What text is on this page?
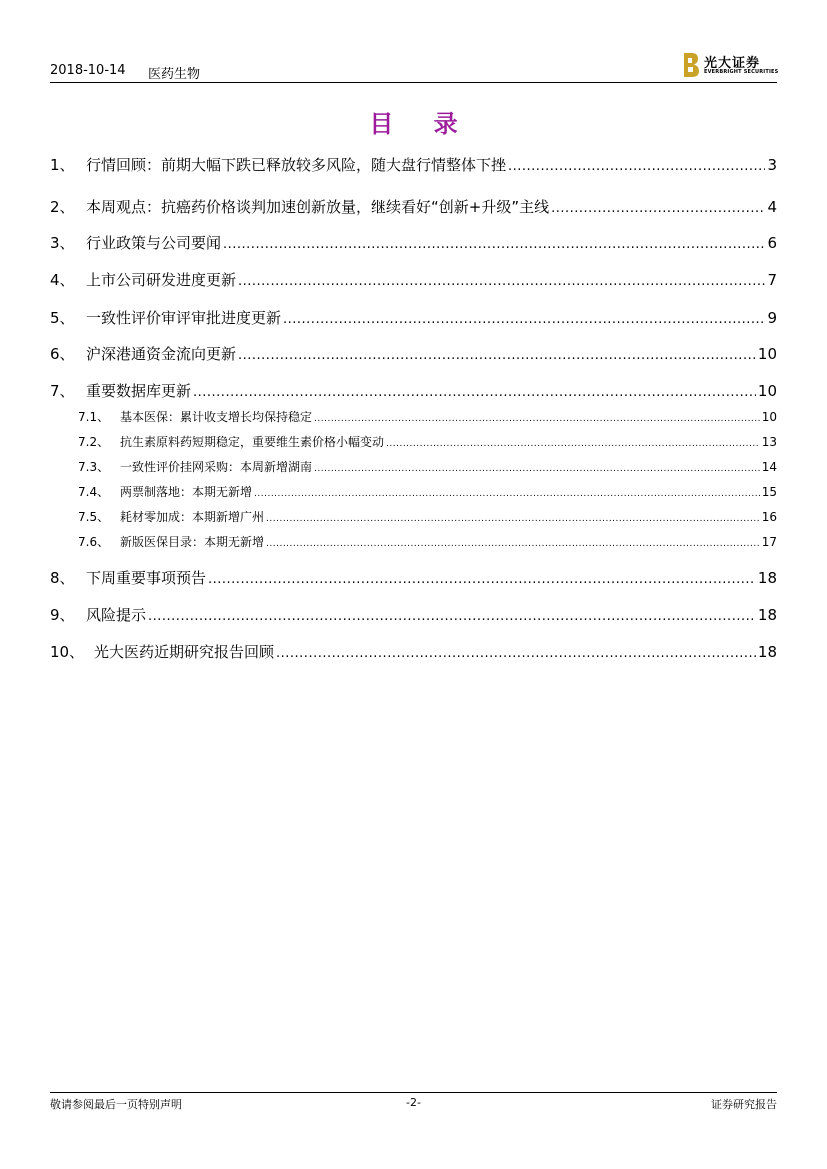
2018-10-14 医药生物
光大证券
EVERBRIGHT SECURITIES
目 录
1、 行情回顾：前期大幅下跌已释放较多风险，随大盘行情整体下挫 .....	3
2、 本周观点：抗癌药价格谈判加速创新放量，继续看好“创新+升级”主线 .....	4
3、 行业政策与公司要闻 .....	6
4、 上市公司研发进度更新 .....	7
5、 一致性评价审评审批进度更新 .....	9
6、 沪深港通资金流向更新 .....	10
7、 重要数据库更新 .....	10
7.1、 基本医保：累计收支增长均保持稳定 .....	10
7.2、 抗生素原料药短期稳定，重要维生素价格小幅变动 .....	13
7.3、 一致性评价挂网采购：本周新增湖南 .....	14
7.4、 两票制落地：本期无新增 .....	15
7.5、 耗材零加成：本期新增广州 .....	16
7.6、 新版医保目录：本期无新增 .....	17
8、 下周重要事项预告 .....	18
9、 风险提示 .....	18
10、 光大医药近期研究报告回顾 .....	18
敬请参阅最后一页特别声明	-2-	证券研究报告
